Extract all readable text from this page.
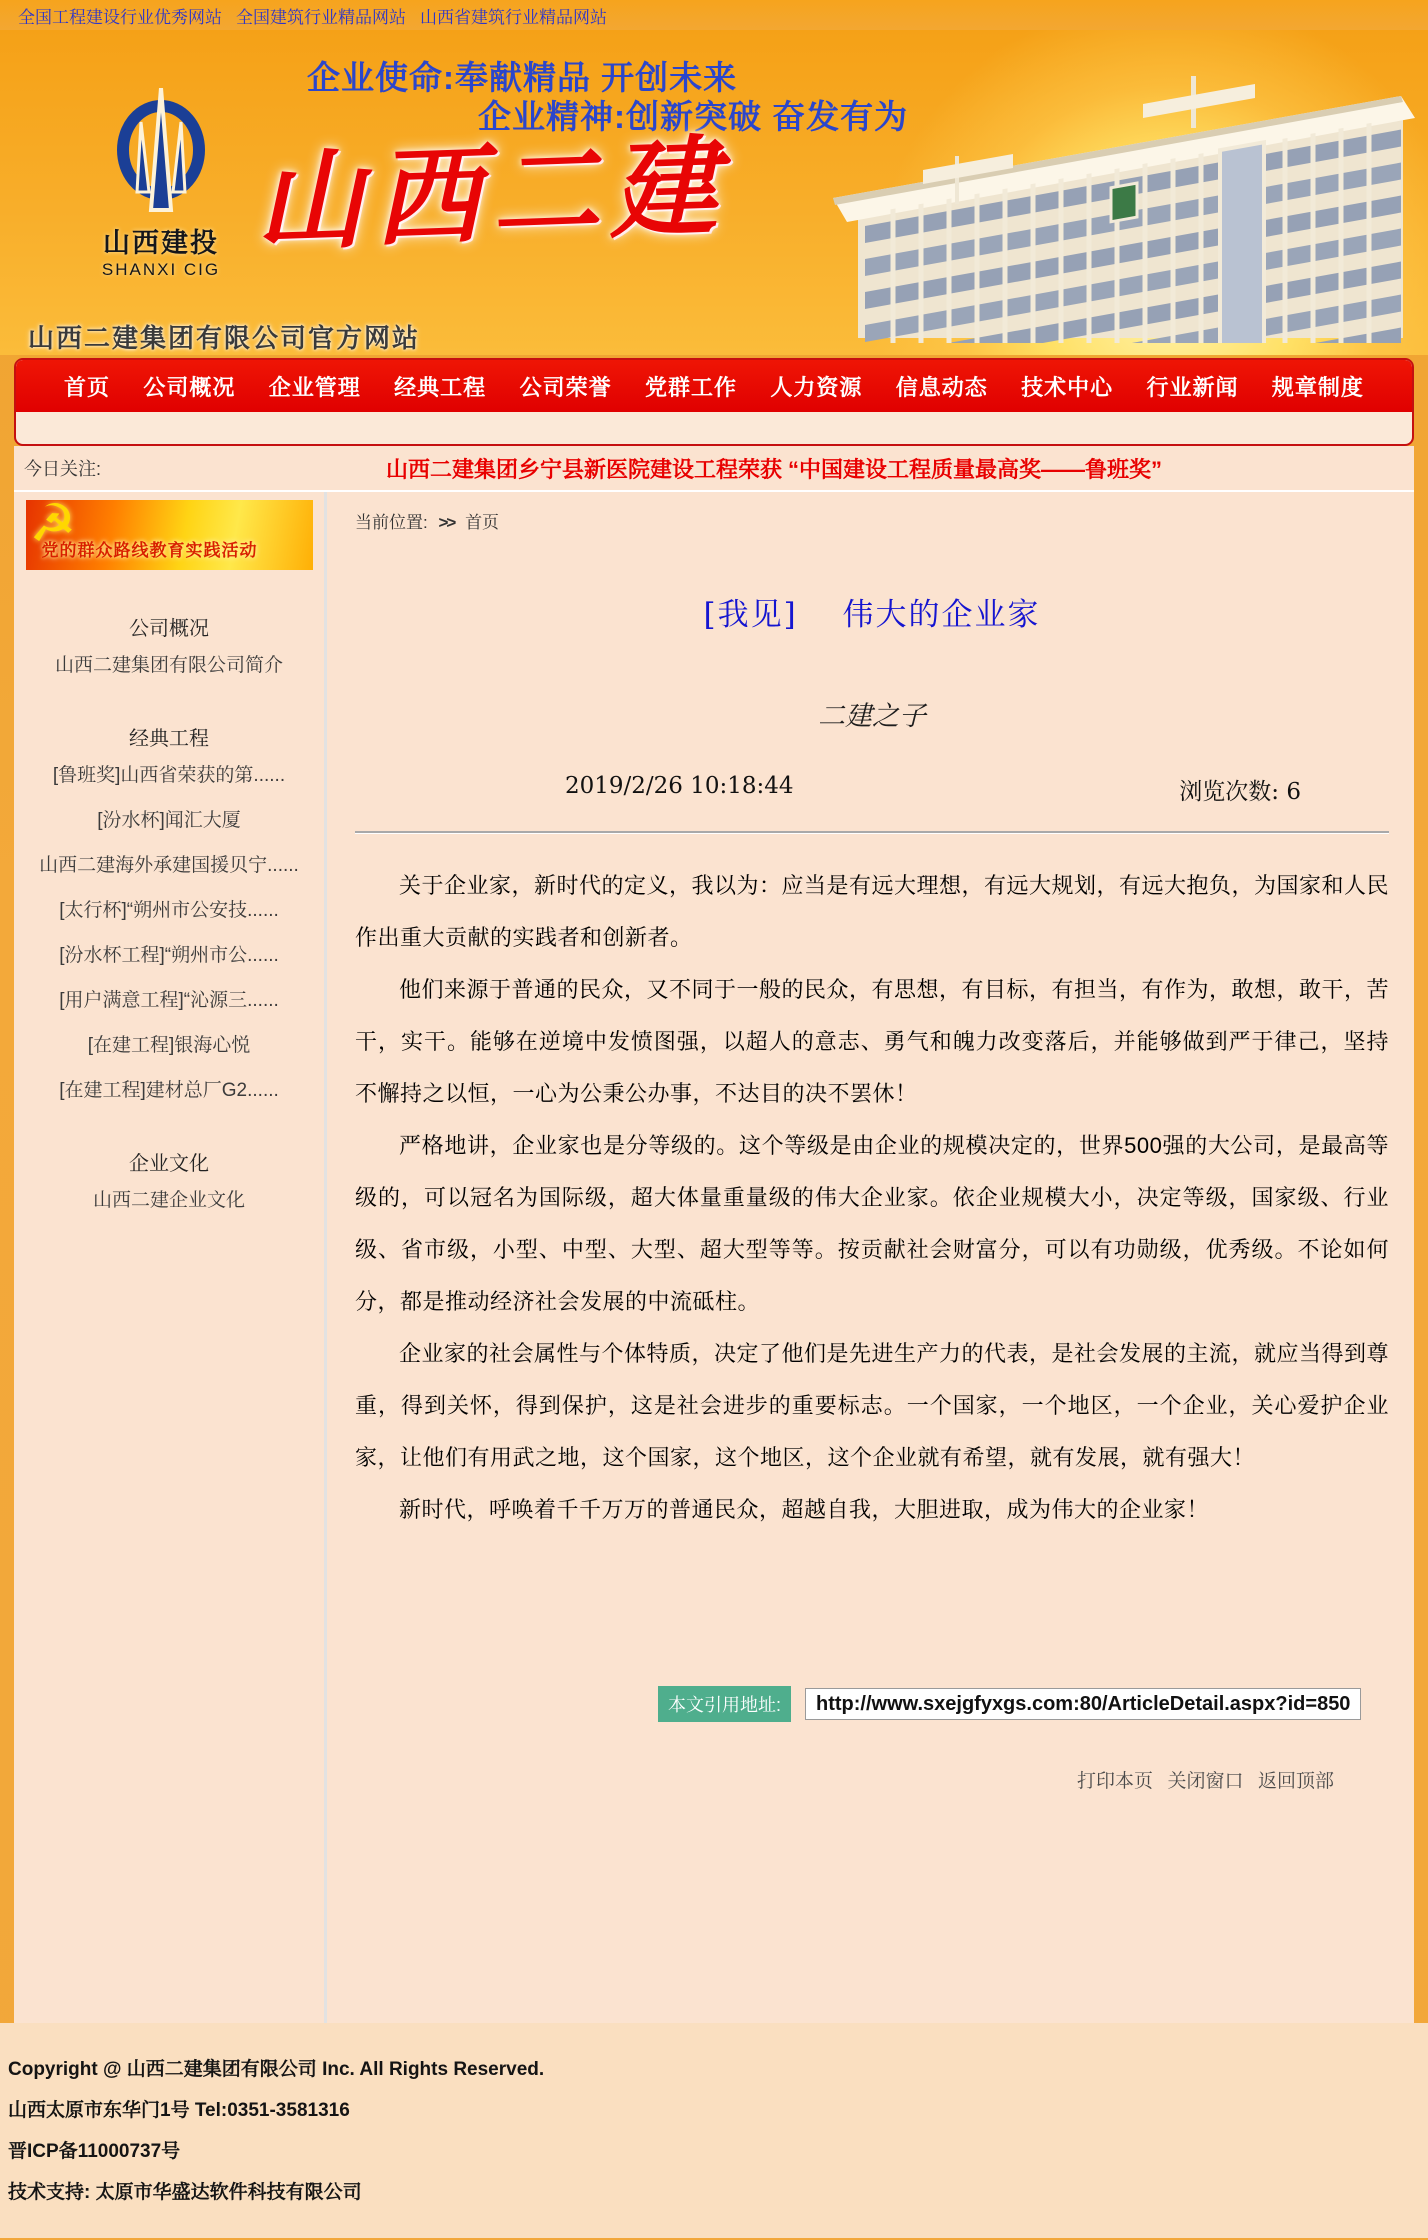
全国工程建设行业优秀网站 全国建筑行业精品网站 山西省建筑行业精品网站
企业使命:奉献精品 开创未来
企业精神:创新突破 奋发有为
山西建投
SHANXI CIG
山西二建
山西二建集团有限公司官方网站
首页 公司概况 企业管理 经典工程 公司荣誉 党群工作 人力资源 信息动态 技术中心 行业新闻 规章制度
今日关注:	山西二建集团乡宁县新医院建设工程荣获 “中国建设工程质量最高奖——鲁班奖”
☭
党的群众路线教育实践活动
公司概况
山西二建集团有限公司简介
经典工程
[鲁班奖]山西省荣获的第......
[汾水杯]闻汇大厦
山西二建海外承建国援贝宁......
[太行杯]“朔州市公安技......
[汾水杯工程]“朔州市公......
[用户满意工程]“沁源三......
[在建工程]银海心悦
[在建工程]建材总厂G2......
企业文化
山西二建企业文化
当前位置: >> 首页
[我见]　 伟大的企业家
二建之子
2019/2/26 10:18:44	浏览次数: 6

关于企业家，新时代的定义，我以为：应当是有远大理想，有远大规划，有远大抱负，为国家和人民作出重大贡献的实践者和创新者。

他们来源于普通的民众，又不同于一般的民众，有思想，有目标，有担当，有作为，敢想，敢干，苦干，实干。能够在逆境中发愤图强，以超人的意志、勇气和魄力改变落后，并能够做到严于律己，坚持不懈持之以恒，一心为公秉公办事，不达目的决不罢休！

严格地讲，企业家也是分等级的。这个等级是由企业的规模决定的，世界500强的大公司，是最高等级的，可以冠名为国际级，超大体量重量级的伟大企业家。依企业规模大小，决定等级，国家级、行业级、省市级，小型、中型、大型、超大型等等。按贡献社会财富分，可以有功勋级，优秀级。不论如何分，都是推动经济社会发展的中流砥柱。

企业家的社会属性与个体特质，决定了他们是先进生产力的代表，是社会发展的主流，就应当得到尊重，得到关怀，得到保护，这是社会进步的重要标志。一个国家，一个地区，一个企业，关心爱护企业家，让他们有用武之地，这个国家，这个地区，这个企业就有希望，就有发展，就有强大！

新时代，呼唤着千千万万的普通民众，超越自我，大胆进取，成为伟大的企业家！

本文引用地址:
http://www.sxejgfyxgs.com:80/ArticleDetail.aspx?id=85000
打印本页 关闭窗口 返回顶部
Copyright @ 山西二建集团有限公司 Inc. All Rights Reserved.
山西太原市东华门1号 Tel:0351-3581316
晋ICP备11000737号
技术支持: 太原市华盛达软件科技有限公司
